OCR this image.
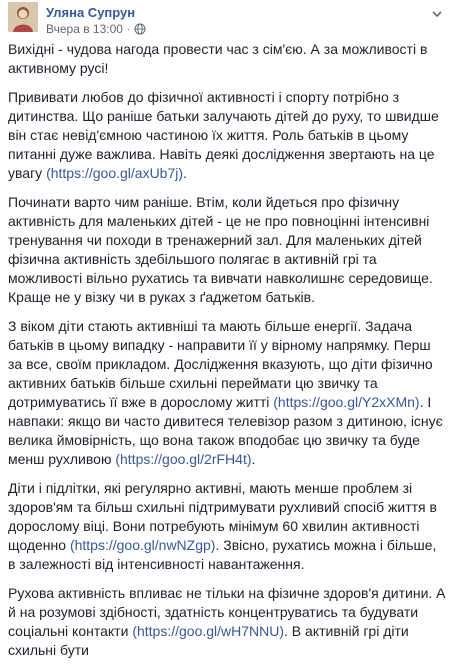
Уляна Супрун
Вчера в 13:00 ·

Вихідні - чудова нагода провести час з сім'єю. А за можливості в активному русі!

Прививати любов до фізичної активності і спорту потрібно з дитинства. Що раніше батьки залучають дітей до руху, то швидше він стає невід'ємною частиною їх життя. Роль батьків в цьому питанні дуже важлива. Навіть деякі дослідження звертають на це увагу (https://goo.gl/axUb7j).

Починати варто чим раніше. Втім, коли йдеться про фізичну активність для маленьких дітей - це не про повноцінні інтенсивні тренування чи походи в тренажерний зал. Для маленьких дітей фізична активність здебільшого полягає в активній грі та можливості вільно рухатись та вивчати навколишнє середовище. Краще не у візку чи в руках з ґаджетом батьків.

З віком діти стають активніші та мають більше енергії. Задача батьків в цьому випадку - направити її у вірному напрямку. Перш за все, своїм прикладом. Дослідження вказують, що діти фізично активних батьків більше схильні переймати цю звичку та дотримуватись її вже в дорослому житті (https://goo.gl/Y2xXMn). І навпаки: якщо ви часто дивитеся телевізор разом з дитиною, існує велика ймовірність, що вона також вподобає цю звичку та буде менш рухливою (https://goo.gl/2rFH4t).

Діти і підлітки, які регулярно активні, мають менше проблем зі здоров'ям та більш схильні підтримувати рухливий спосіб життя в дорослому віці. Вони потребують мінімум 60 хвилин активності щоденно (https://goo.gl/nwNZgp). Звісно, рухатись можна і більше, в залежності від інтенсивності навантаження.

Рухова активність впливає не тільки на фізичне здоров'я дитини. А й на розумові здібності, здатність концентруватись та будувати соціальні контакти (https://goo.gl/wH7NNU). В активній грі діти схильні бути
